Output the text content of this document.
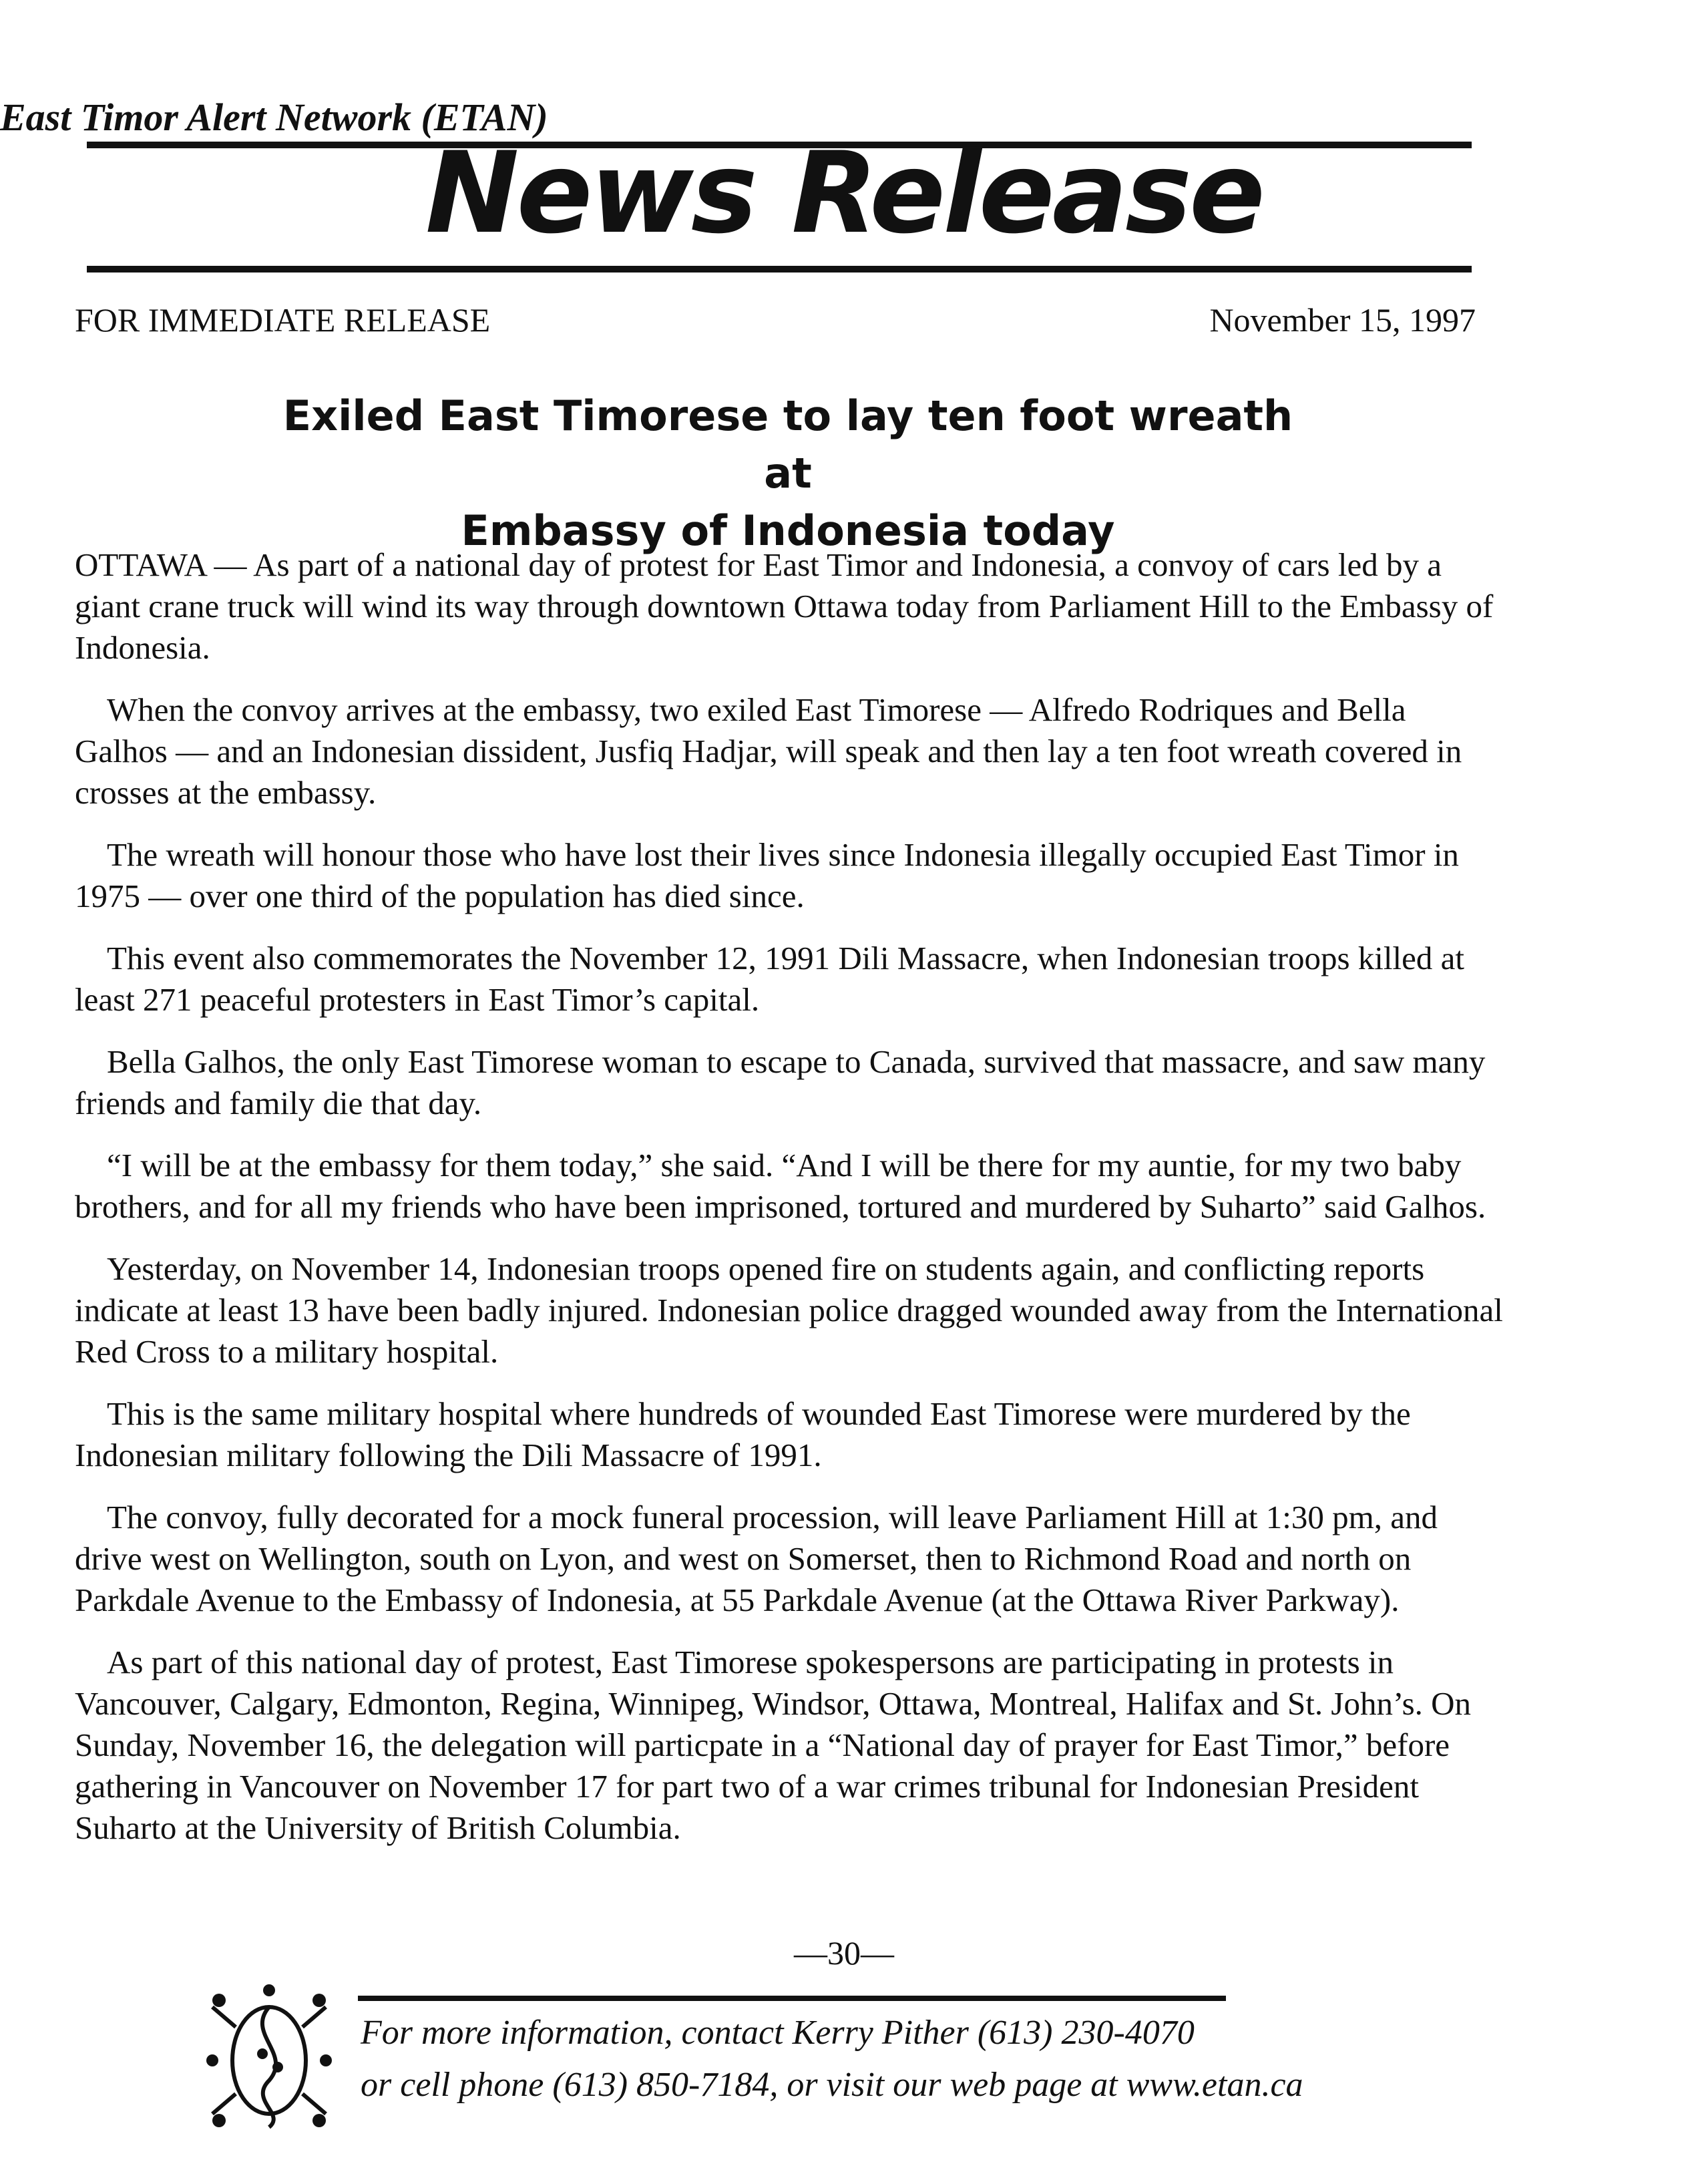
East Timor Alert Network (ETAN)
News Release
FOR IMMEDIATE RELEASE	November 15, 1997
Exiled East Timorese to lay ten foot wreath at
Embassy of Indonesia today

OTTAWA — As part of a national day of protest for East Timor and Indonesia, a convoy of cars led by a giant crane truck will wind its way through downtown Ottawa today from Parliament Hill to the Embassy of Indonesia.

When the convoy arrives at the embassy, two exiled East Timorese — Alfredo Rodriques and Bella Galhos — and an Indonesian dissident, Jusfiq Hadjar, will speak and then lay a ten foot wreath covered in crosses at the embassy.

The wreath will honour those who have lost their lives since Indonesia illegally occupied East Timor in 1975 — over one third of the population has died since.

This event also commemorates the November 12, 1991 Dili Massacre, when Indonesian troops killed at least 271 peaceful protesters in East Timor’s capital.

Bella Galhos, the only East Timorese woman to escape to Canada, survived that massacre, and saw many friends and family die that day.

“I will be at the embassy for them today,” she said. “And I will be there for my auntie, for my two baby brothers, and for all my friends who have been imprisoned, tortured and murdered by Suharto” said Galhos.

Yesterday, on November 14, Indonesian troops opened fire on students again, and conflicting reports indicate at least 13 have been badly injured. Indonesian police dragged wounded away from the International Red Cross to a military hospital.

This is the same military hospital where hundreds of wounded East Timorese were murdered by the Indonesian military following the Dili Massacre of 1991.

The convoy, fully decorated for a mock funeral procession, will leave Parliament Hill at 1:30 pm, and drive west on Wellington, south on Lyon, and west on Somerset, then to Richmond Road and north on Parkdale Avenue to the Embassy of Indonesia, at 55 Parkdale Avenue (at the Ottawa River Parkway).

As part of this national day of protest, East Timorese spokespersons are participating in protests in Vancouver, Calgary, Edmonton, Regina, Winnipeg, Windsor, Ottawa, Montreal, Halifax and St. John’s. On Sunday, November 16, the delegation will particpate in a “National day of prayer for East Timor,” before gathering in Vancouver on November 17 for part two of a war crimes tribunal for Indonesian President Suharto at the University of British Columbia.

—30—
For more information, contact Kerry Pither (613) 230-4070
or cell phone (613) 850-7184, or visit our web page at www.etan.ca
